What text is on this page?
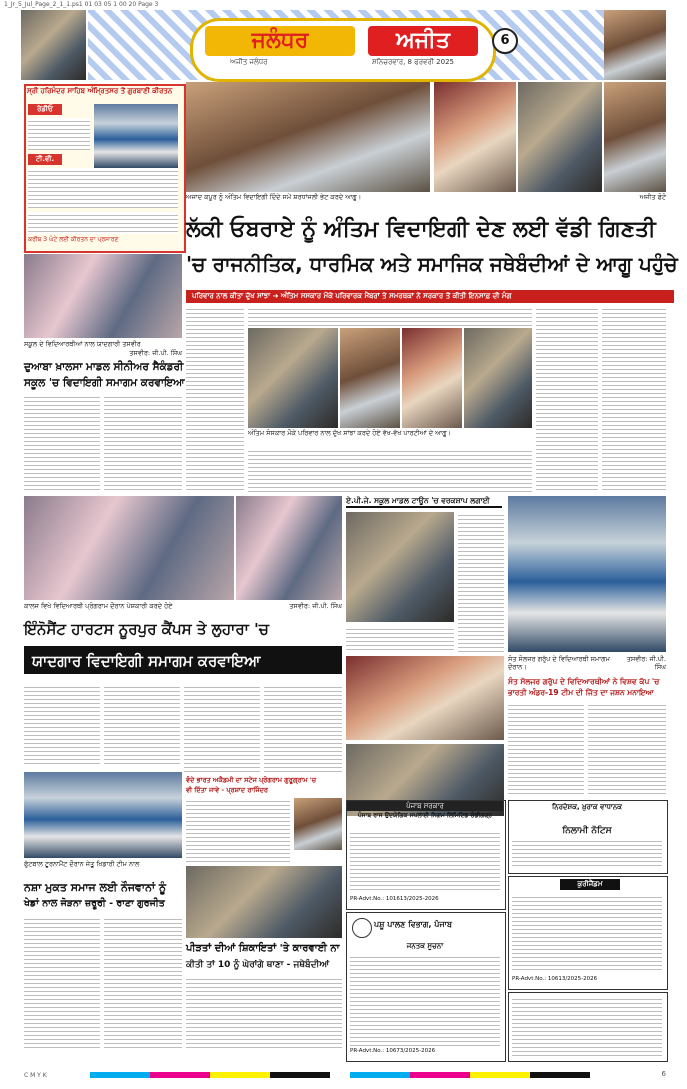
1_Jr_5_Jul_Page_2_1_1.ps1 01 03 05 1 00 20 Page 3
ਜਲੰਧਰ	ਅਜੀਤ
ਅਜੀਤ ਜਲੰਧਰ	ਸ਼ਨਿਚਰਵਾਰ, 8 ਫਰਵਰੀ 2025
6
ਸ੍ਰੀ ਹਰਿਮੰਦਰ ਸਾਹਿਬ ਅੰਮ੍ਰਿਤਸਰ ਤੋਂ ਗੁਰਬਾਣੀ ਕੀਰਤਨ
ਰੇਡੀਓ
ਟੀ.ਵੀ.
ਕਰੀਬ 3 ਘੰਟੇ ਲਈ ਕੀਰਤਨ ਦਾ ਪ੍ਰਸਾਰਣ
ਅਜਾਦ ਕਪੂਰ ਨੂੰ ਅੰਤਿਮ ਵਿਦਾਇਗੀ ਦਿੰਦੇ ਸਮੇਂ ਸ਼ਰਧਾਂਜਲੀ ਭੇਟ ਕਰਦੇ ਆਗੂ।	ਅਜੀਤ ਫੋਟੋ
ਲੱਕੀ ਓਬਰਾਏ ਨੂੰ ਅੰਤਿਮ ਵਿਦਾਇਗੀ ਦੇਣ ਲਈ ਵੱਡੀ ਗਿਣਤੀ
'ਚ ਰਾਜਨੀਤਿਕ, ਧਾਰਮਿਕ ਅਤੇ ਸਮਾਜਿਕ ਜਥੇਬੰਦੀਆਂ ਦੇ ਆਗੂ ਪਹੁੰਚੇ
ਪਰਿਵਾਰ ਨਾਲ ਕੀਤਾ ਦੁੱਖ ਸਾਂਝਾ ➜ ਅੰਤਿਮ ਸਸਕਾਰ ਮੌਕੇ ਪਰਿਵਾਰਕ ਮੈਂਬਰਾਂ ਤੇ ਸਮਰਥਕਾਂ ਨੇ ਸਰਕਾਰ ਤੋਂ ਕੀਤੀ ਇਨਸਾਫ਼ ਦੀ ਮੰਗ
ਸਕੂਲ ਦੇ ਵਿਦਿਆਰਥੀਆਂ ਨਾਲ ਯਾਦਗਾਰੀ ਤਸਵੀਰ
ਤਸਵੀਰ: ਜੀ.ਪੀ. ਸਿੰਘ
ਦੁਆਬਾ ਖ਼ਾਲਸਾ ਮਾਡਲ ਸੀਨੀਅਰ ਸੈਕੰਡਰੀ
ਸਕੂਲ 'ਚ ਵਿਦਾਇਗੀ ਸਮਾਗਮ ਕਰਵਾਇਆ
ਅੰਤਿਮ ਸੰਸਕਾਰ ਮੌਕੇ ਪਰਿਵਾਰ ਨਾਲ ਦੁੱਖ ਸਾਂਝਾ ਕਰਦੇ ਹੋਏ ਵੱਖ-ਵੱਖ ਪਾਰਟੀਆਂ ਦੇ ਆਗੂ।
ਕਾਲਜ ਵਿਖੇ ਵਿਦਿਆਰਥੀ ਪ੍ਰੋਗਰਾਮ ਦੌਰਾਨ ਪੇਸ਼ਕਾਰੀ ਕਰਦੇ ਹੋਏ	ਤਸਵੀਰ: ਜੀ.ਪੀ. ਸਿੰਘ
ਇੰਨੋਸੈਂਟ ਹਾਰਟਸ ਨੂਰਪੁਰ ਕੈਂਪਸ ਤੇ ਲੁਹਾਰਾ 'ਚ
ਯਾਦਗਾਰ ਵਿਦਾਇਗੀ ਸਮਾਗਮ ਕਰਵਾਇਆ
ਏ.ਪੀ.ਜੇ. ਸਕੂਲ ਮਾਡਲ ਟਾਊਨ 'ਚ ਵਰਕਸ਼ਾਪ ਲਗਾਈ
ਸੰਤ ਸੋਲਜਰ ਗਰੁੱਪ ਦੇ ਵਿਦਿਆਰਥੀ ਸਮਾਗਮ ਦੌਰਾਨ।
ਤਸਵੀਰ: ਜੀ.ਪੀ. ਸਿੰਘ
ਸੰਤ ਸੋਲਜਰ ਗਰੁੱਪ ਦੇ ਵਿਦਿਆਰਥੀਆਂ ਨੇ ਵਿਸ਼ਵ ਕੱਪ 'ਚ ਭਾਰਤੀ ਅੰਡਰ-19 ਟੀਮ ਦੀ ਜਿੱਤ ਦਾ ਜਸ਼ਨ ਮਨਾਇਆ
ਫੁੱਟਬਾਲ ਟੂਰਨਾਮੈਂਟ ਦੌਰਾਨ ਜੇਤੂ ਖਿਡਾਰੀ ਟੀਮ ਨਾਲ
ਨਸ਼ਾ ਮੁਕਤ ਸਮਾਜ ਲਈ ਨੌਜਵਾਨਾਂ ਨੂੰ
ਖੇਡਾਂ ਨਾਲ ਜੋੜਨਾ ਜ਼ਰੂਰੀ - ਰਾਣਾ ਗੁਰਜੀਤ
ਵੰਦੇ ਭਾਰਤ ਅਕੈਡਮੀ ਦਾ ਸਟੇਜ ਪ੍ਰੋਗਰਾਮ ਗੁਰੂਗ੍ਰਾਮ 'ਚ
ਵੀ ਦਿੱਤਾ ਜਾਵੇ - ਪ੍ਰਸ਼ਾਦ ਰਾਜਿੰਦਰ
ਪੀੜਤਾਂ ਦੀਆਂ ਸ਼ਿਕਾਇਤਾਂ 'ਤੇ ਕਾਰਵਾਈ ਨਾ
ਕੀਤੀ ਤਾਂ 10 ਨੂੰ ਘੇਰਾਂਗੇ ਥਾਣਾ - ਜਥੇਬੰਦੀਆਂ
ਪੰਜਾਬ ਸਰਕਾਰ
ਪੰਜਾਬ ਰਾਜ ਉਦਯੋਗਿਕ ਸਪਲਾਈ ਨਿਗਮ ਲਿਮਿਟਿਡ ਚੰਡੀਗੜ੍ਹ
PR-Advt.No.: 101613/2025-2026
ਪਸ਼ੂ ਪਾਲਣ ਵਿਭਾਗ, ਪੰਜਾਬ
ਜਨਤਕ ਸੂਚਨਾ
PR-Advt.No.: 10673/2025-2026
ਨਿਰਦੇਸ਼ਕ, ਖ਼ੁਰਾਕ ਵਾਧਾਨਕ
ਨਿਲਾਮੀ ਨੋਟਿਸ
ਕੁਰੀਜੈਂਡਮ
PR-Advt.No.: 10613/2025-2026
C M Y K	6
